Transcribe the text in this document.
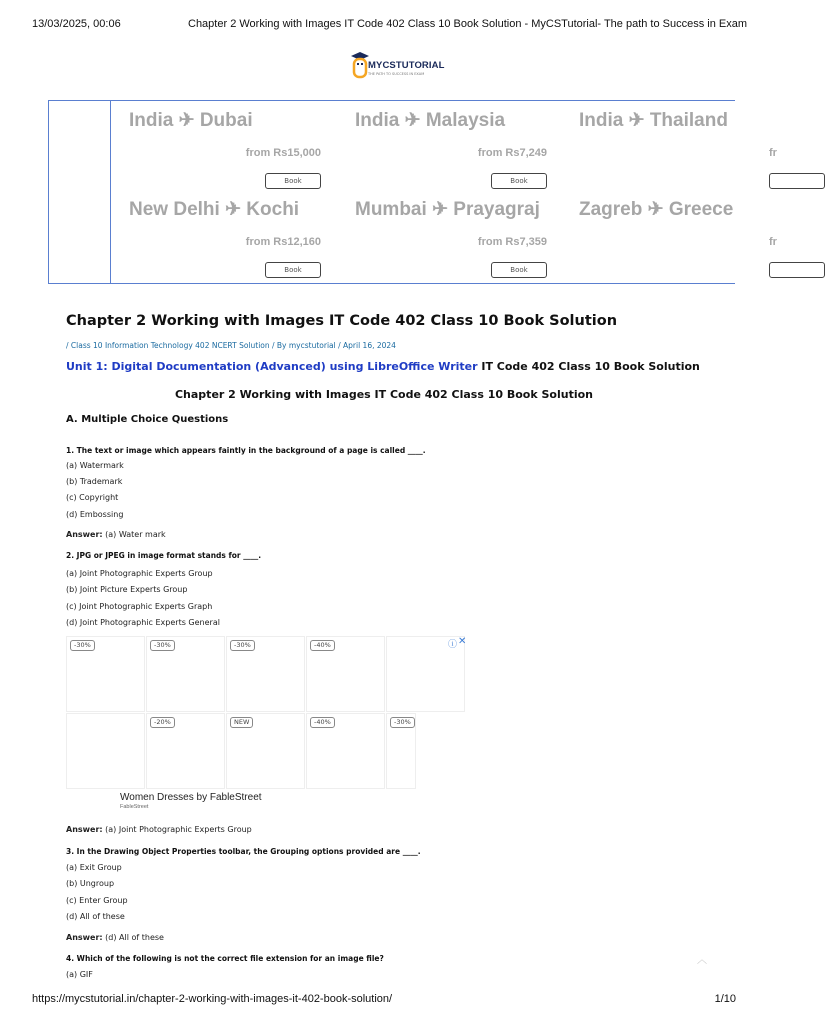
13/03/2025, 00:06	Chapter 2 Working with Images IT Code 402 Class 10 Book Solution - MyCSTutorial- The path to Success in Exam
MYCSTUTORIAL
THE PATH TO SUCCESS IN EXAM
India ✈ Dubai
from Rs15,000
Book
India ✈ Malaysia
from Rs7,249
Book
India ✈ Thailand
fr
New Delhi ✈ Kochi
from Rs12,160
Book
Mumbai ✈ Prayagraj
from Rs7,359
Book
Zagreb ✈ Greece
fr
Chapter 2 Working with Images IT Code 402 Class 10 Book Solution
/ Class 10 Information Technology 402 NCERT Solution / By mycstutorial / April 16, 2024
Unit 1: Digital Documentation (Advanced) using LibreOffice Writer IT Code 402 Class 10 Book Solution
Chapter 2 Working with Images IT Code 402 Class 10 Book Solution
A. Multiple Choice Questions
1. The text or image which appears faintly in the background of a page is called ____.
(a) Watermark
(b) Trademark
(c) Copyright
(d) Embossing
Answer: (a) Water mark
2. JPG or JPEG in image format stands for ____.
(a) Joint Photographic Experts Group
(b) Joint Picture Experts Group
(c) Joint Photographic Experts Graph
(d) Joint Photographic Experts General
-30%	-30%	-30%	-40%	ⓘ ✕
-20%	NEW	-40%	-30%
Women Dresses by FableStreet
FableStreet
Answer: (a) Joint Photographic Experts Group
3. In the Drawing Object Properties toolbar, the Grouping options provided are ____.
(a) Exit Group
(b) Ungroup
(c) Enter Group
(d) All of these
Answer: (d) All of these
4. Which of the following is not the correct file extension for an image file?
(a) GIF
︿
https://mycstutorial.in/chapter-2-working-with-images-it-402-book-solution/	1/10
